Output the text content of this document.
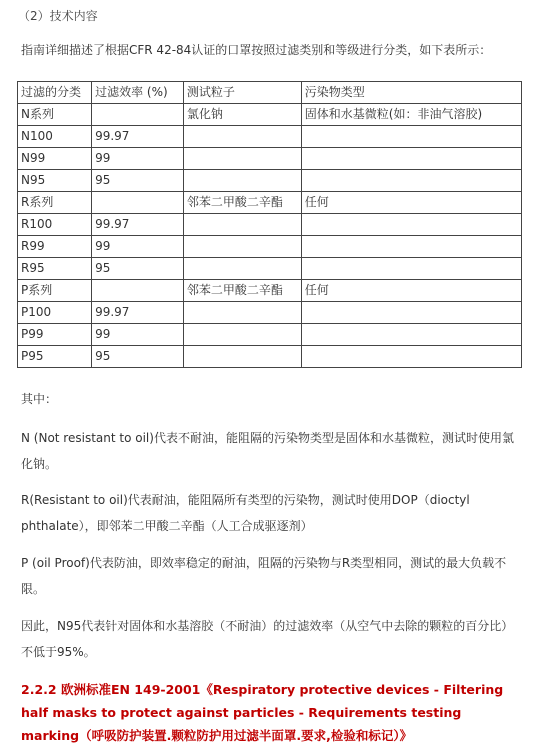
（2）技术内容
指南详细描述了根据CFR 42-84认证的口罩按照过滤类别和等级进行分类，如下表所示：
过滤的分类	过滤效率 (%)	测试粒子	污染物类型
N系列		氯化钠	固体和水基微粒(如：非油气溶胶)
N100	99.97		
N99	99		
N95	95		
R系列		邻苯二甲酸二辛酯	任何
R100	99.97		
R99	99		
R95	95		
P系列		邻苯二甲酸二辛酯	任何
P100	99.97		
P99	99		
P95	95		
其中：
N (Not resistant to oil)代表不耐油，能阻隔的污染物类型是固体和水基微粒，测试时使用氯化钠。
R(Resistant to oil)代表耐油，能阻隔所有类型的污染物，测试时使用DOP（dioctyl phthalate），即邻苯二甲酸二辛酯（人工合成驱逐剂）
P (oil Proof)代表防油，即效率稳定的耐油，阻隔的污染物与R类型相同，测试的最大负载不限。
因此，N95代表针对固体和水基溶胶（不耐油）的过滤效率（从空气中去除的颗粒的百分比）不低于95%。
2.2.2 欧洲标准EN 149-2001《Respiratory protective devices - Filtering half masks to protect against particles - Requirements testing marking（呼吸防护装置.颗粒防护用过滤半面罩.要求,检验和标记）》
